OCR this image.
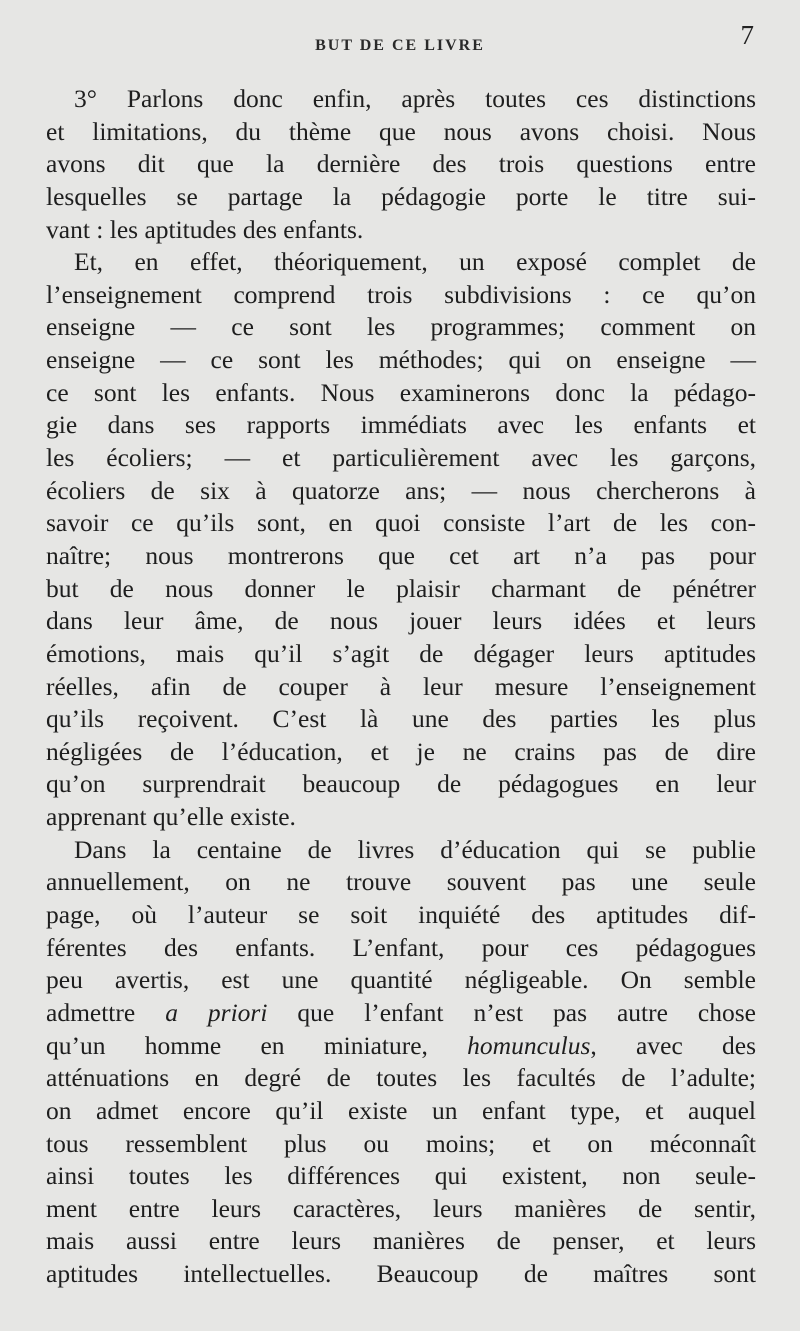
BUT DE CE LIVRE	7
3° Parlons donc enfin, après toutes ces distinctions
et limitations, du thème que nous avons choisi. Nous
avons dit que la dernière des trois questions entre
lesquelles se partage la pédagogie porte le titre sui-
vant : les aptitudes des enfants.
Et, en effet, théoriquement, un exposé complet de
l’enseignement comprend trois subdivisions : ce qu’on
enseigne — ce sont les programmes; comment on
enseigne — ce sont les méthodes; qui on enseigne —
ce sont les enfants. Nous examinerons donc la pédago-
gie dans ses rapports immédiats avec les enfants et
les écoliers; — et particulièrement avec les garçons,
écoliers de six à quatorze ans; — nous chercherons à
savoir ce qu’ils sont, en quoi consiste l’art de les con-
naître; nous montrerons que cet art n’a pas pour
but de nous donner le plaisir charmant de pénétrer
dans leur âme, de nous jouer leurs idées et leurs
émotions, mais qu’il s’agit de dégager leurs aptitudes
réelles, afin de couper à leur mesure l’enseignement
qu’ils reçoivent. C’est là une des parties les plus
négligées de l’éducation, et je ne crains pas de dire
qu’on surprendrait beaucoup de pédagogues en leur
apprenant qu’elle existe.
Dans la centaine de livres d’éducation qui se publie
annuellement, on ne trouve souvent pas une seule
page, où l’auteur se soit inquiété des aptitudes dif-
férentes des enfants. L’enfant, pour ces pédagogues
peu avertis, est une quantité négligeable. On semble
admettre a priori que l’enfant n’est pas autre chose
qu’un homme en miniature, homunculus, avec des
atténuations en degré de toutes les facultés de l’adulte;
on admet encore qu’il existe un enfant type, et auquel
tous ressemblent plus ou moins; et on méconnaît
ainsi toutes les différences qui existent, non seule-
ment entre leurs caractères, leurs manières de sentir,
mais aussi entre leurs manières de penser, et leurs
aptitudes intellectuelles. Beaucoup de maîtres sont
